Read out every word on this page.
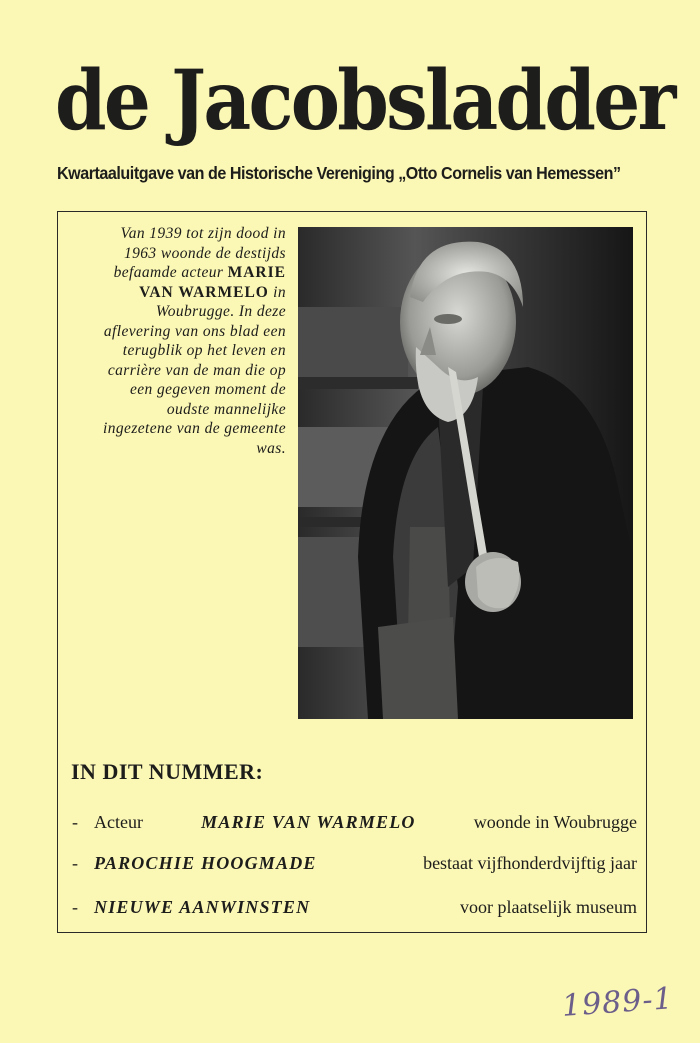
de Jacobsladder
Kwartaaluitgave van de Historische Vereniging „Otto Cornelis van Hemessen”
Van 1939 tot zijn dood in 1963 woonde de destijds befaamde acteur MARIE VAN WARMELO in Woubrugge. In deze aflevering van ons blad een terugblik op het leven en carrière van de man die op een gegeven moment de oudste mannelijke ingezetene van de gemeente was.
IN DIT NUMMER:
- Acteur	MARIE VAN WARMELO	woonde in Woubrugge
- PAROCHIE HOOGMADE	bestaat vijfhonderdvijftig jaar
- NIEUWE AANWINSTEN	voor plaatselijk museum
1989-1
